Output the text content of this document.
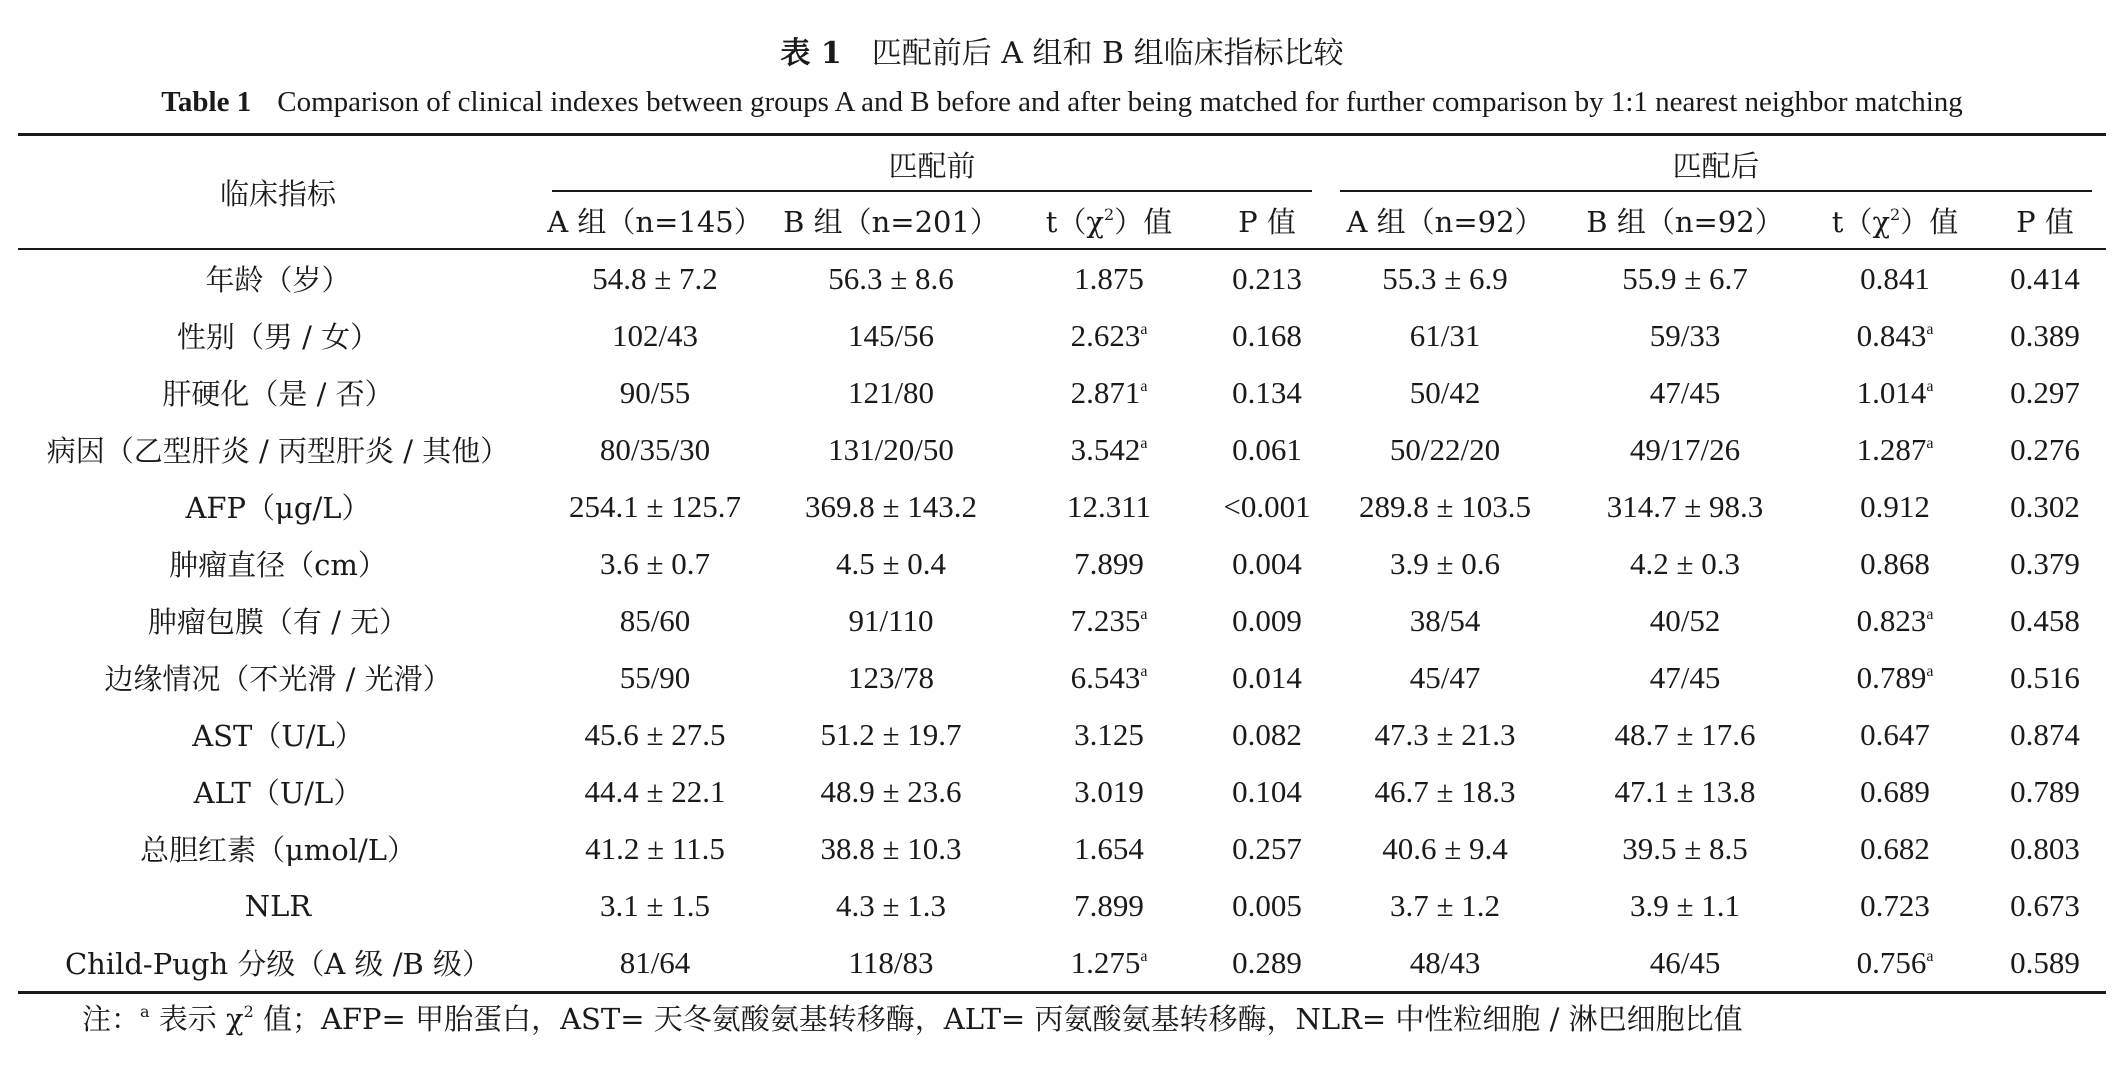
表 1 匹配前后 A 组和 B 组临床指标比较
Table 1 Comparison of clinical indexes between groups A and B before and after being matched for further comparison by 1:1 nearest neighbor matching
临床指标	匹配前				匹配后			
	A 组（n=145）	B 组（n=201）	$t(\chi^2)$值	P 值	A 组（n=92）	B 组（n=92）	$t(\chi^2)$值	P 值
年龄（岁）	54.8 ± 7.2	56.3 ± 8.6	1.875	0.213	55.3 ± 6.9	55.9 ± 6.7	0.841	0.414
性别（男 / 女）	102/43	145/56	2.623$^a$	0.168	61/31	59/33	0.843$^a$	0.389
肝硬化（是 / 否）	90/55	121/80	2.871$^a$	0.134	50/42	47/45	1.014$^a$	0.297
病因（乙型肝炎 / 丙型肝炎 / 其他）	80/35/30	131/20/50	3.542$^a$	0.061	50/22/20	49/17/26	1.287$^a$	0.276
AFP（μg/L）	254.1 ± 125.7	369.8 ± 143.2	12.311	<0.001	289.8 ± 103.5	314.7 ± 98.3	0.912	0.302
肿瘤直径（cm）	3.6 ± 0.7	4.5 ± 0.4	7.899	0.004	3.9 ± 0.6	4.2 ± 0.3	0.868	0.379
肿瘤包膜（有 / 无）	85/60	91/110	7.235$^a$	0.009	38/54	40/52	0.823$^a$	0.458
边缘情况（不光滑 / 光滑）	55/90	123/78	6.543$^a$	0.014	45/47	47/45	0.789$^a$	0.516
AST（U/L）	45.6 ± 27.5	51.2 ± 19.7	3.125	0.082	47.3 ± 21.3	48.7 ± 17.6	0.647	0.874
ALT（U/L）	44.4 ± 22.1	48.9 ± 23.6	3.019	0.104	46.7 ± 18.3	47.1 ± 13.8	0.689	0.789
总胆红素（μmol/L）	41.2 ± 11.5	38.8 ± 10.3	1.654	0.257	40.6 ± 9.4	39.5 ± 8.5	0.682	0.803
NLR	3.1 ± 1.5	4.3 ± 1.3	7.899	0.005	3.7 ± 1.2	3.9 ± 1.1	0.723	0.673
Child-Pugh 分级（A 级 /B 级）	81/64	118/83	1.275$^a$	0.289	48/43	46/45	0.756$^a$	0.589
注：$^a$ 表示 $\chi^2$ 值；AFP= 甲胎蛋白，AST= 天冬氨酸氨基转移酶，ALT= 丙氨酸氨基转移酶，NLR= 中性粒细胞 / 淋巴细胞比值
